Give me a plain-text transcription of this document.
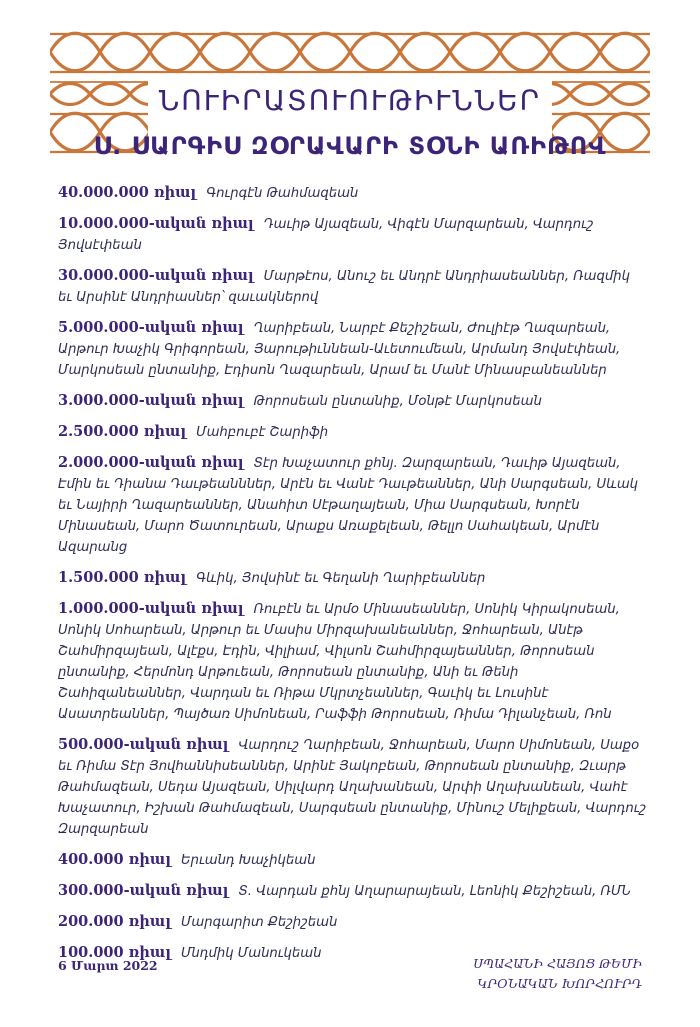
ՆՈՒԻՐԱՏՈՒՈՒԹԻՒՆՆԵՐ
Ս. ՍԱՐԳԻՍ ԶՕՐԱՎԱՐԻ ՏՕՆԻ ԱՌԻԹՈՎ
40.000.000 ռիալ Գուրգէն Թահմազեան
10.000.000-ական ռիալ Դաւիթ Այազեան, Վիգէն Մարզարեան, Վարդուշ Յովսէփեան
30.000.000-ական ռիալ Մարթէոս, Անուշ եւ Անդրէ Անդրիասեաններ, Ռազմիկ եւ Արսինէ Անդրիասներ՝ զաւակներով
5.000.000-ական ռիալ Ղարիբեան, Նարբէ Քեշիշեան, Ժուլիէթ Ղազարեան, Արթուր Խաչիկ Գրիգորեան, Յարութիւննեան-Աւետումեան, Արմանդ Յովսէփեան, Մարկոսեան ընտանիք, Էդիսոն Ղազարեան, Արամ եւ Մանէ Մինասբանեաններ
3.000.000-ական ռիալ Թորոսեան ընտանիք, Մօնթէ Մարկոսեան
2.500.000 ռիալ Մահբուբէ Շարիֆի
2.000.000-ական ռիալ Տէր Խաչատուր քհնյ. Զարզարեան, Դաւիթ Այազեան, Էմին եւ Դիանա Դաւթեանններ, Արէն եւ Վանէ Դաւթեաններ, Անի Սարգսեան, Սևակ եւ Նայիրի Ղազարեաններ, Անահիտ Սէթաղայեան, Միա Սարգսեան, Խորէն Մինասեան, Մարո Ծատուրեան, Արաքս Առաքելեան, Թելլո Սահակեան, Արմէն Ազարանց
1.500.000 ռիալ Գևիկ, Յովսինէ եւ Գեղանի Ղարիբեաններ
1.000.000-ական ռիալ Ռուբէն եւ Արմօ Մինասեաններ, Սոնիկ Կիրակոսեան, Սոնիկ Սոհարեան, Արթուր եւ Մասիս Միրզախանեաններ, Ջոհարեան, Անէթ Շահմիրզայեան, Ալէքս, Էդին, Վիլիամ, Վիլսոն Շահմիրզայեաններ, Թորոսեան ընտանիք, Հերմոնդ Արթուեան, Թորոսեան ընտանիք, Անի եւ Թենի Շահիզանեաններ, Վարդան եւ Ռիթա Մկրտչեաններ, Գաւիկ եւ Լուսինէ Ասատրեաններ, Պայծառ Սիմոնեան, Րաֆֆի Թորոսեան, Ռիմա Դիլանչեան, Ռոն
500.000-ական ռիալ Վարդուշ Ղարիբեան, Ջոհարեան, Մարո Սիմոնեան, Սաքօ եւ Ռիմա Տէր Յովհաննիսեաններ, Արինէ Յակոբեան, Թորոսեան ընտանիք, Զւարթ Թահմազեան, Սեդա Այազեան, Սիլվարդ Աղախանեան, Արփի Աղախանեան, Վաhէ Խաչատուր, Իշխան Թահմազեան, Սարգսեան ընտանիք, Մինուշ Մելիքեան, Վարդուշ Զարզարեան
400.000 ռիալ Երւանդ Խաչիկեան
300.000-ական ռիալ Տ. Վարդան քհնյ Աղարարայեան, Լեոնիկ Քեշիշեան, ՌՄՆ
200.000 ռիալ Մարգարիտ Քեշիշեան
100.000 ռիալ Մնդմիկ Մանուկեան
6 Մարտ 2022	ՍՊԱՀԱՆԻ ՀԱՅՈՑ ԹԵՄԻ
ԿՐՕՆԱԿԱՆ ԽՈՐՀՈՒՐԴ
